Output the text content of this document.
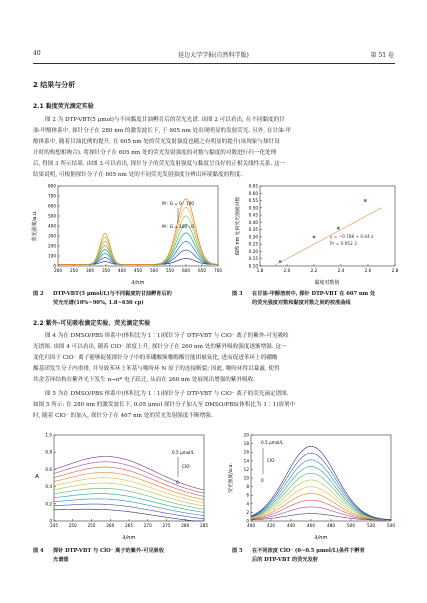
40	延边大学学报(自然科学版)	第 51 卷
2 结果与分析
2.1 黏度荧光滴定实验
图 2 为 DTP-VBT(5 μmol)与不同黏度甘油孵育后的荧光光谱. 由图 2 可以看出, 在不同黏度的甘
油-甲醇体系中, 探针分子在 280 nm 的激发波长下, 于 605 nm 处出现明显的发射荧光. 另外, 在甘油-甲
醇体系中, 随着甘油比例的提升, 在 605 nm 处的荧光发射强度也随之有明显的提升(该现象与探针设
计时的构想相吻合). 将探针分子在 605 nm 处的荧光发射强度的对数与黏度的对数进行归一化处理
后, 得图 3 所示结果. 由图 3 可以看出, 探针分子的荧光发射强度与黏度呈良好的正相关线性关系. 这一
结果说明, 可根据探针分子在 605 nm 处的不同荧光发射强度分辨出环境黏度的程度.
800
700
600
500
400
300
200
100
0
200 250 300 350 400 450 500 550 600 650 700
荧光强度/a.u.
λ/nm
M : G = 0 : 100
M : G = 100 : 0
图 2 DTP-VBT(5 μmol/L)与不同黏度的甘油孵育后的
荧光光谱(10%~90%, 1.8~630 cp)
0.65
0.60
0.55
0.50
0.45
0.40
0.35
0.30
0.25
0.20
0.15
0.10
1.8	2.0	2.2	2.4	2.6	2.8
605 nm 处的荧光强度对数
黏度对数值
y = −0.788 + 0.44 x
R² = 0.952 3
图 3 在甘油-甲醇溶剂中, 探针 DTP-VBT 在 607 nm 处
的荧光强度对数和黏度对数之间的校准曲线
2.2 紫外-可见吸收滴定实验、荧光滴定实验
图 4 为在 DMSO/PBS 体系中(体积比为 1∶1)探针分子 DTP-VBT 与 ClO⁻ 离子的紫外-可见吸收
光谱图. 由图 4 可以看出, 随着 ClO⁻ 浓度上升, 探针分子在 260 nm 处的紫外吸收强度逐渐增强. 这一
变化归因于 ClO⁻ 离子能够促使探针分子中的苯硼酸频哪醇酯官能团被氧化, 进而促进苯环上的硼酸
酯基团发生分子内重排, 并导致苯环上苯基与噻吩环 N 原子的连接断裂; 因此, 噻吩环得以暴露, 使得
其余芳环结构在紫外光下发生 π→π* 电子跃迁, 从而在 260 nm 处展现出增强的紫外吸收.
图 5 为在 DMSO/PBS 体系中(体积比为 1∶1)探针分子 DTP-VBT 与 ClO⁻ 离子的荧光滴定谱图.
如图 5 所示: 在 280 nm 的激发波长下, 0.05 μmol 探针分子加入至 DMSO/PBS(体积比为 1∶1)溶剂中
时, 随着 ClO⁻ 的加入, 探针分子在 467 nm 处的荧光发射强度不断增强.
1.0
0.8
0.6
0.4
0.2
0
245	250	255	260	265	270	275	280	285
A
λ/nm
0.5 μmol/L
ClO⁻
0
图 4 探针 DTP-VBT 与 ClO⁻ 离子的紫外-可见吸收
光谱图
20
18
16
14
12
10
8
6
4
2
0
400	420	440	460	480	500	520	540
荧光强度/a.u.
λ/nm
0.5 μmol/L
ClO⁻
0
图 5 在不同浓度 ClO⁻ (0~0.5 μmol/L)条件下孵育
后的 DTP-VBT 的荧光发射
